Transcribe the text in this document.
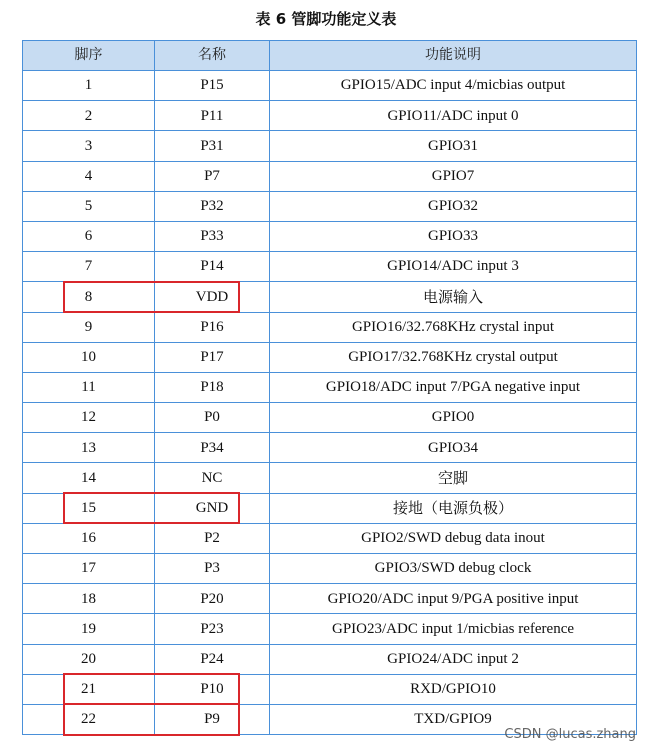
表 6 管脚功能定义表
脚序	名称	功能说明
1	P15	GPIO15/ADC input 4/micbias output
2	P11	GPIO11/ADC input 0
3	P31	GPIO31
4	P7	GPIO7
5	P32	GPIO32
6	P33	GPIO33
7	P14	GPIO14/ADC input 3
8	VDD	电源输入
9	P16	GPIO16/32.768KHz crystal input
10	P17	GPIO17/32.768KHz crystal output
11	P18	GPIO18/ADC input 7/PGA negative input
12	P0	GPIO0
13	P34	GPIO34
14	NC	空脚
15	GND	接地（电源负极）
16	P2	GPIO2/SWD debug data inout
17	P3	GPIO3/SWD debug clock
18	P20	GPIO20/ADC input 9/PGA positive input
19	P23	GPIO23/ADC input 1/micbias reference
20	P24	GPIO24/ADC input 2
21	P10	RXD/GPIO10
22	P9	TXD/GPIO9
CSDN @lucas.zhang
